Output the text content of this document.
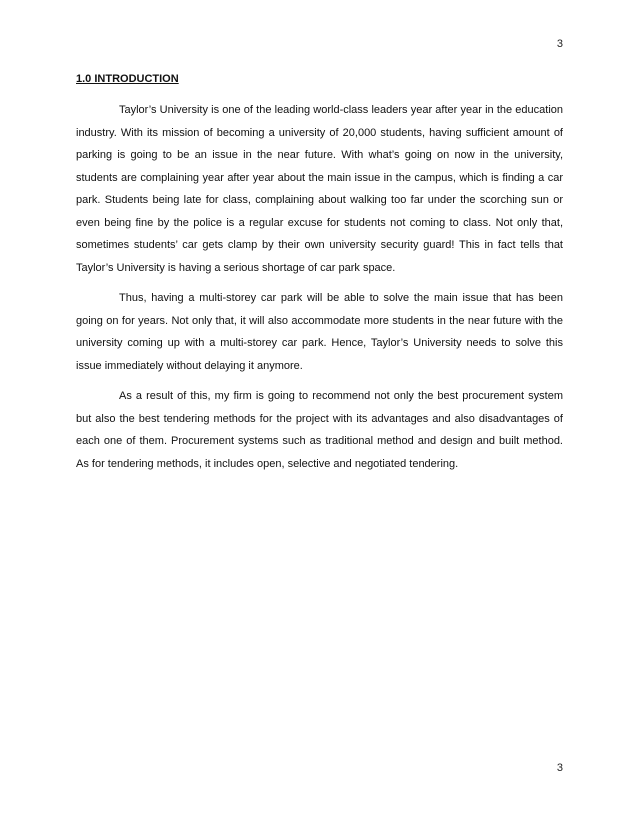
3
1.0 INTRODUCTION

Taylor’s University is one of the leading world-class leaders year after year in the education industry. With its mission of becoming a university of 20,000 students, having sufficient amount of parking is going to be an issue in the near future. With what’s going on now in the university, students are complaining year after year about the main issue in the campus, which is finding a car park. Students being late for class, complaining about walking too far under the scorching sun or even being fine by the police is a regular excuse for students not coming to class. Not only that, sometimes students’ car gets clamp by their own university security guard! This in fact tells that Taylor’s University is having a serious shortage of car park space.

Thus, having a multi-storey car park will be able to solve the main issue that has been going on for years. Not only that, it will also accommodate more students in the near future with the university coming up with a multi-storey car park. Hence, Taylor’s University needs to solve this issue immediately without delaying it anymore.

As a result of this, my firm is going to recommend not only the best procurement system but also the best tendering methods for the project with its advantages and also disadvantages of each one of them. Procurement systems such as traditional method and design and built method. As for tendering methods, it includes open, selective and negotiated tendering.

3
